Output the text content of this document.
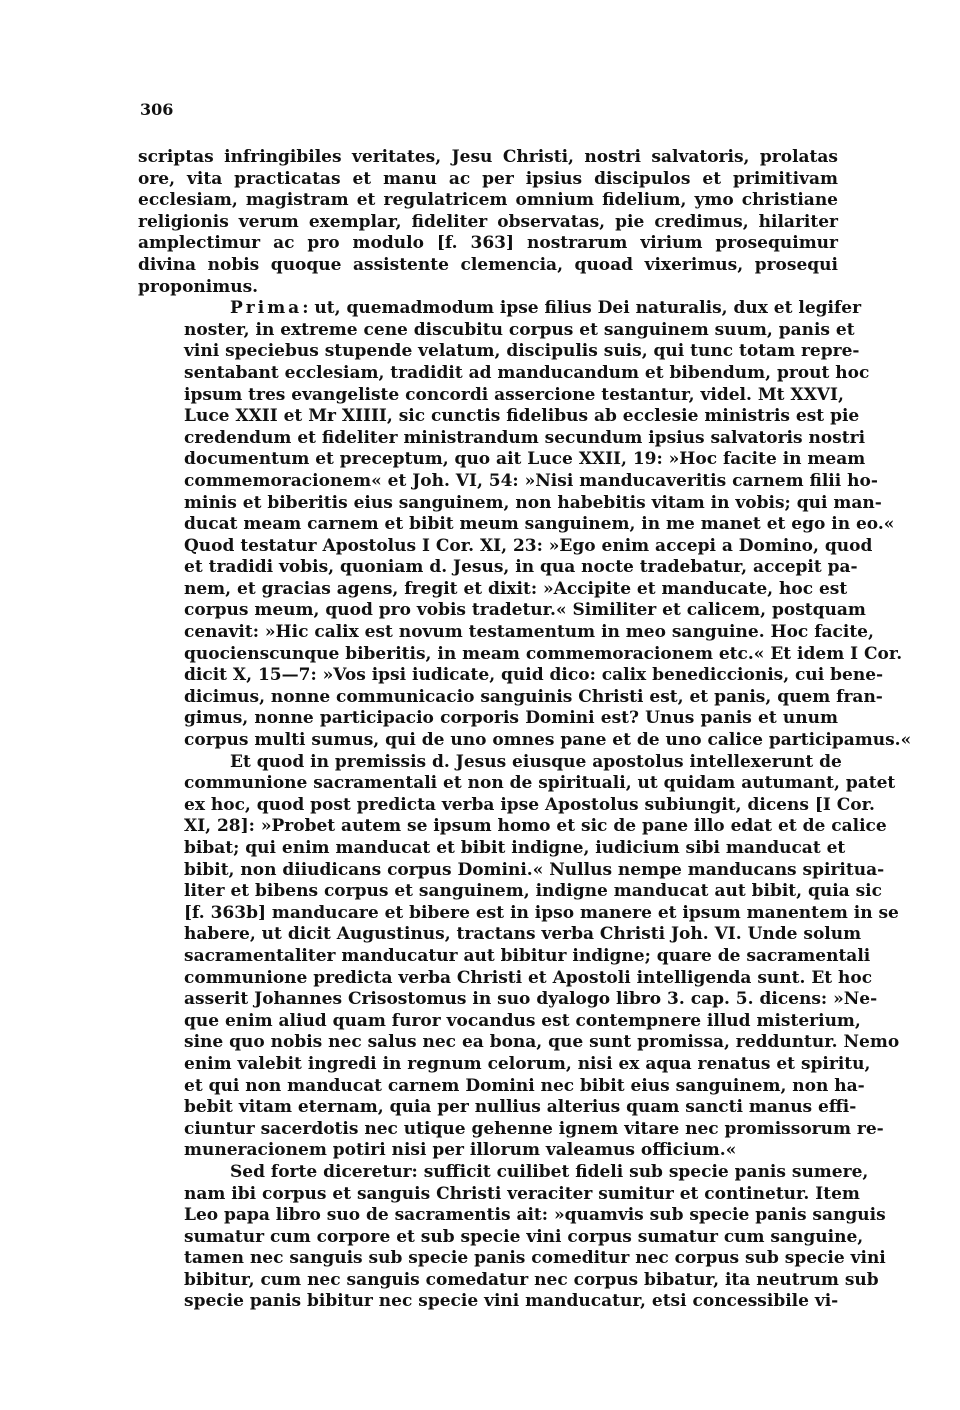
306

scriptas infringibiles veritates, Jesu Christi, nostri salvatoris, prolatas
ore, vita practicatas et manu ac per ipsius discipulos et primitivam
ecclesiam, magistram et regulatricem omnium fidelium, ymo christiane
religionis verum exemplar, fideliter observatas, pie credimus, hilariter
amplectimur ac pro modulo [f. 363] nostrarum virium prosequimur
divina nobis quoque assistente clemencia, quoad vixerimus, prosequi
proponimus.

Prima: ut, quemadmodum ipse filius Dei naturalis, dux et legifer
noster, in extreme cene discubitu corpus et sanguinem suum, panis et
vini speciebus stupende velatum, discipulis suis, qui tunc totam repre-
sentabant ecclesiam, tradidit ad manducandum et bibendum, prout hoc
ipsum tres evangeliste concordi assercione testantur, videl. Mt XXVI,
Luce XXII et Mr XIIII, sic cunctis fidelibus ab ecclesie ministris est pie
credendum et fideliter ministrandum secundum ipsius salvatoris nostri
documentum et preceptum, quo ait Luce XXII, 19: »Hoc facite in meam
commemoracionem« et Joh. VI, 54: »Nisi manducaveritis carnem filii ho-
minis et biberitis eius sanguinem, non habebitis vitam in vobis; qui man-
ducat meam carnem et bibit meum sanguinem, in me manet et ego in eo.«
Quod testatur Apostolus I Cor. XI, 23: »Ego enim accepi a Domino, quod
et tradidi vobis, quoniam d. Jesus, in qua nocte tradebatur, accepit pa-
nem, et gracias agens, fregit et dixit: »Accipite et manducate, hoc est
corpus meum, quod pro vobis tradetur.« Similiter et calicem, postquam
cenavit: »Hic calix est novum testamentum in meo sanguine. Hoc facite,
quocienscunque biberitis, in meam commemoracionem etc.« Et idem I Cor.
dicit X, 15—7: »Vos ipsi iudicate, quid dico: calix benediccionis, cui bene-
dicimus, nonne communicacio sanguinis Christi est, et panis, quem fran-
gimus, nonne participacio corporis Domini est? Unus panis et unum
corpus multi sumus, qui de uno omnes pane et de uno calice participamus.«

Et quod in premissis d. Jesus eiusque apostolus intellexerunt de
communione sacramentali et non de spirituali, ut quidam autumant, patet
ex hoc, quod post predicta verba ipse Apostolus subiungit, dicens [I Cor.
XI, 28]: »Probet autem se ipsum homo et sic de pane illo edat et de calice
bibat; qui enim manducat et bibit indigne, iudicium sibi manducat et
bibit, non diiudicans corpus Domini.« Nullus nempe manducans spiritua-
liter et bibens corpus et sanguinem, indigne manducat aut bibit, quia sic
[f. 363b] manducare et bibere est in ipso manere et ipsum manentem in se
habere, ut dicit Augustinus, tractans verba Christi Joh. VI. Unde solum
sacramentaliter manducatur aut bibitur indigne; quare de sacramentali
communione predicta verba Christi et Apostoli intelligenda sunt. Et hoc
asserit Johannes Crisostomus in suo dyalogo libro 3. cap. 5. dicens: »Ne-
que enim aliud quam furor vocandus est contempnere illud misterium,
sine quo nobis nec salus nec ea bona, que sunt promissa, redduntur. Nemo
enim valebit ingredi in regnum celorum, nisi ex aqua renatus et spiritu,
et qui non manducat carnem Domini nec bibit eius sanguinem, non ha-
bebit vitam eternam, quia per nullius alterius quam sancti manus effi-
ciuntur sacerdotis nec utique gehenne ignem vitare nec promissorum re-
muneracionem potiri nisi per illorum valeamus officium.«

Sed forte diceretur: sufficit cuilibet fideli sub specie panis sumere,
nam ibi corpus et sanguis Christi veraciter sumitur et continetur. Item
Leo papa libro suo de sacramentis ait: »quamvis sub specie panis sanguis
sumatur cum corpore et sub specie vini corpus sumatur cum sanguine,
tamen nec sanguis sub specie panis comeditur nec corpus sub specie vini
bibitur, cum nec sanguis comedatur nec corpus bibatur, ita neutrum sub
specie panis bibitur nec specie vini manducatur, etsi concessibile vi-
